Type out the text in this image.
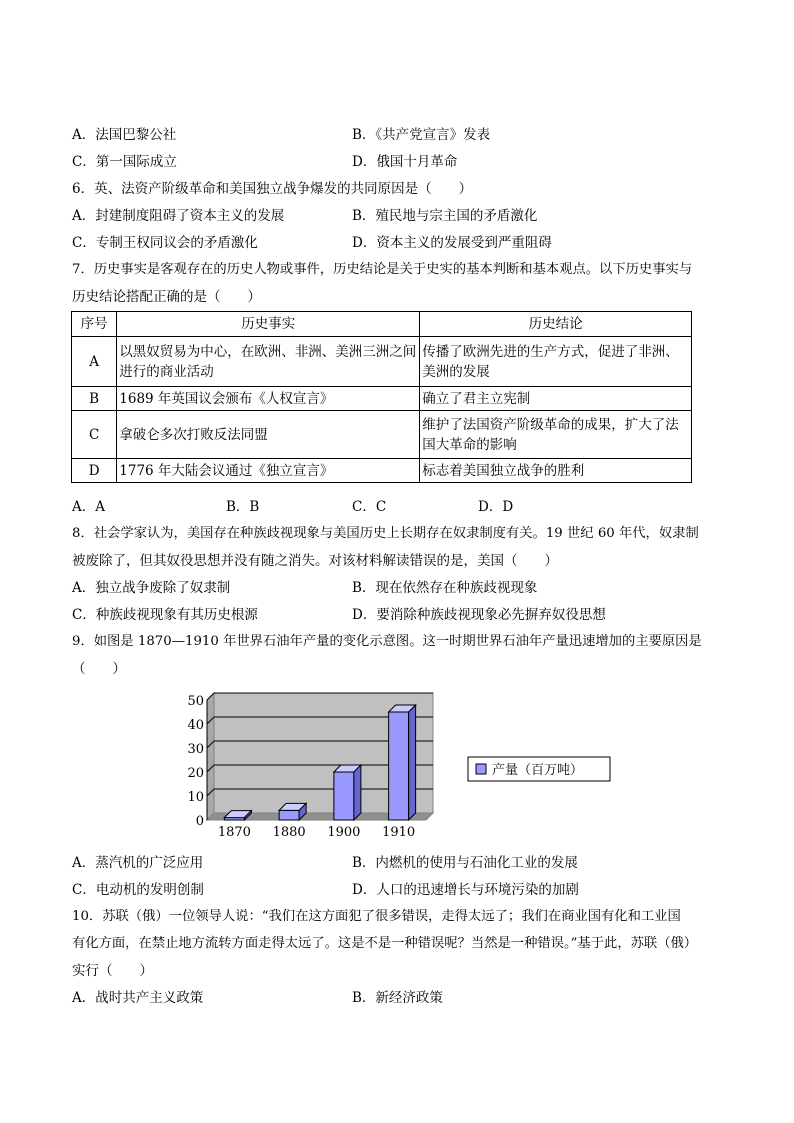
A．法国巴黎公社	B．《共产党宣言》发表
C．第一国际成立	D．俄国十月革命
6．英、法资产阶级革命和美国独立战争爆发的共同原因是（　　）
A．封建制度阻碍了资本主义的发展	B．殖民地与宗主国的矛盾激化
C．专制王权同议会的矛盾激化	D．资本主义的发展受到严重阻碍
7．历史事实是客观存在的历史人物或事件，历史结论是关于史实的基本判断和基本观点。以下历史事实与
历史结论搭配正确的是（　　）
序号	历史事实	历史结论
A	以黑奴贸易为中心，在欧洲、非洲、美洲三洲之间进行的商业活动	传播了欧洲先进的生产方式，促进了非洲、美洲的发展
B	1689 年英国议会颁布《人权宣言》	确立了君主立宪制
C	拿破仑多次打败反法同盟	维护了法国资产阶级革命的成果，扩大了法国大革命的影响
D	1776 年大陆会议通过《独立宣言》	标志着美国独立战争的胜利
A．A	B．B	C．C	D．D
8．社会学家认为，美国存在种族歧视现象与美国历史上长期存在奴隶制度有关。19 世纪 60 年代，奴隶制
被废除了，但其奴役思想并没有随之消失。对该材料解读错误的是，美国（　　）
A．独立战争废除了奴隶制	B．现在依然存在种族歧视现象
C．种族歧视现象有其历史根源	D．要消除种族歧视现象必先摒弃奴役思想
9．如图是 1870—1910 年世界石油年产量的变化示意图。这一时期世界石油年产量迅速增加的主要原因是
（　　）
0
10
20
30
40
50
1870 1880 1900 1910
产量（百万吨）
A．蒸汽机的广泛应用	B．内燃机的使用与石油化工业的发展
C．电动机的发明创制	D．人口的迅速增长与环境污染的加剧
10．苏联（俄）一位领导人说：“我们在这方面犯了很多错误，走得太远了；我们在商业国有化和工业国
有化方面，在禁止地方流转方面走得太远了。这是不是一种错误呢？当然是一种错误。”基于此，苏联（俄）
实行（　　）
A．战时共产主义政策	B．新经济政策
